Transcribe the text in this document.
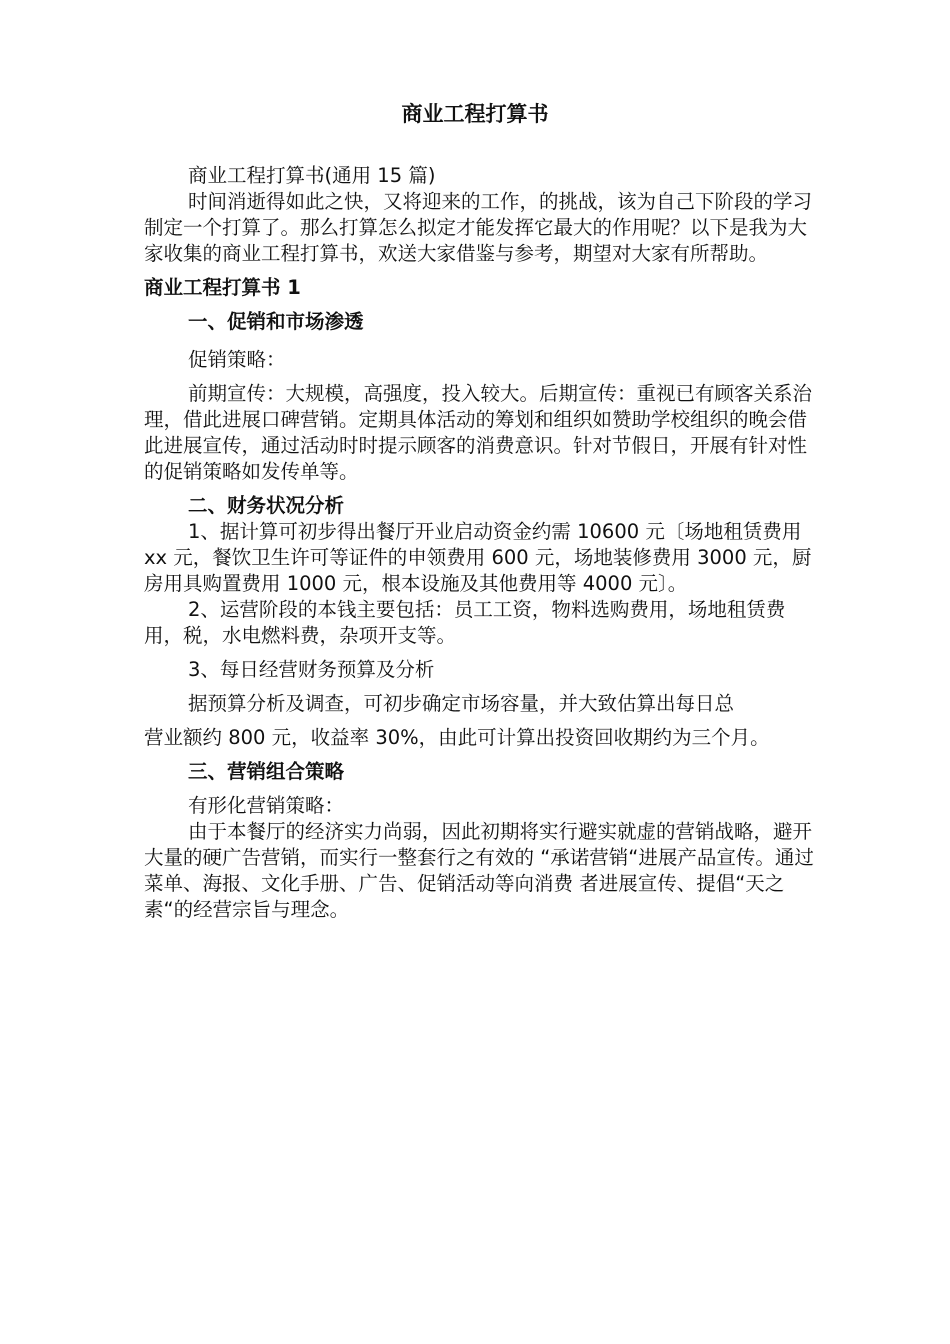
商业工程打算书

商业工程打算书(通用 15 篇)

时间消逝得如此之快，又将迎来的工作，的挑战，该为自己下阶段的学习制定一个打算了。那么打算怎么拟定才能发挥它最大的作用呢？以下是我为大家收集的商业工程打算书，欢送大家借鉴与参考，期望对大家有所帮助。

商业工程打算书 1

一、促销和市场渗透

促销策略：

前期宣传：大规模，高强度，投入较大。后期宣传：重视已有顾客关系治理，借此进展口碑营销。定期具体活动的筹划和组织如赞助学校组织的晚会借此进展宣传，通过活动时时提示顾客的消费意识。针对节假日，开展有针对性的促销策略如发传单等。

二、财务状况分析

1、据计算可初步得出餐厅开业启动资金约需 10600 元〔场地租赁费用 xx 元，餐饮卫生许可等证件的申领费用 600 元，场地装修费用 3000 元，厨房用具购置费用 1000 元，根本设施及其他费用等 4000 元〕。

2、运营阶段的本钱主要包括：员工工资，物料选购费用，场地租赁费用，税，水电燃料费，杂项开支等。

3、每日经营财务预算及分析

据预算分析及调查，可初步确定市场容量，并大致估算出每日总

营业额约 800 元，收益率 30%，由此可计算出投资回收期约为三个月。

三、营销组合策略

有形化营销策略：

由于本餐厅的经济实力尚弱，因此初期将实行避实就虚的营销战略，避开大量的硬广告营销，而实行一整套行之有效的 “承诺营销“进展产品宣传。通过菜单、海报、文化手册、广告、促销活动等向消费 者进展宣传、提倡“天之素“的经营宗旨与理念。
